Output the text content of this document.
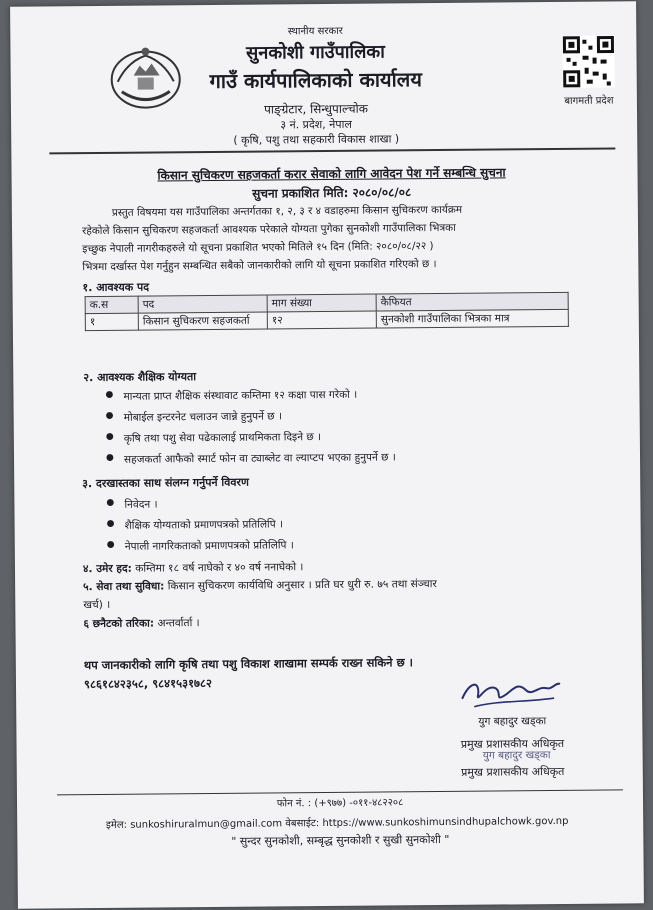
बागमती प्रदेश
स्थानीय सरकार
सुनकोशी गाउँपालिका
गाउँ कार्यपालिकाको कार्यालय
पाङ्ग्रेटार, सिन्धुपाल्चोक
३ नं. प्रदेश, नेपाल
( कृषि, पशु तथा सहकारी विकास शाखा )
किसान सुचिकरण सहजकर्ता करार सेवाको लागि आवेदन पेश गर्ने सम्बन्धि सुचना
सुचना प्रकाशित मिति: २०८०/०८/०८
प्रस्तुत विषयमा यस गाउँपालिका अन्तर्गतका १, २, ३ र ४ वडाहरुमा किसान सुचिकरण कार्यक्रम
रहेकोले किसान सुचिकरण सहजकर्ता आवश्यक परेकाले योग्यता पुगेका सुनकोशी गाउँपालिका भित्रका
इच्छुक नेपाली नागरीकहरुले यो सूचना प्रकाशित भएको मितिले १५ दिन (मिति: २०८०/०८/२२ )
भित्रमा दर्खास्त पेश गर्नुहुन सम्बन्धित सबैको जानकारीको लागि यो सूचना प्रकाशित गरिएको छ ।
१. आवश्यक पद
क.स	पद	माग संख्या	कैफियत
१	किसान सुचिकरण सहजकर्ता	१२	सुनकोशी गाउँपालिका भित्रका मात्र
२. आवश्यक शैक्षिक योग्यता
● मान्यता प्राप्त शैक्षिक संस्थावाट कम्तिमा १२ कक्षा पास गरेको ।
● मोबाईल इन्टरनेट चलाउन जान्ने हुनुपर्ने छ ।
● कृषि तथा पशु सेवा पढेकालाई प्राथमिकता दिइने छ ।
● सहजकर्ता आफैको स्मार्ट फोन वा ट्याब्लेट वा ल्याप्टप भएका हुनुपर्ने छ ।
३. दरखास्तका साथ संलग्न गर्नुपर्ने विवरण
● निवेदन ।
● शैक्षिक योग्यताको प्रमाणपत्रको प्रतिलिपि ।
● नेपाली नागरिकताको प्रमाणपत्रको प्रतिलिपि ।
४. उमेर हद: कम्तिमा १८ वर्ष नाघेको र ४० वर्ष ननाघेको ।
५. सेवा तथा सुविधा: किसान सुचिकरण कार्यविधि अनुसार । प्रति घर धुरी रु. ७५ तथा संञ्चार
खर्च) ।
६ छनैटको तरिका: अन्तर्वार्ता ।
थप जानकारीको लागि कृषि तथा पशु विकाश शाखामा सम्पर्क राख्न सकिने छ ।
९८६१८४२३५८, ९८४१५३१७८२
युग बहादुर खड्का
प्रमुख प्रशासकीय अधिकृत
युग बहादुर खड्का
प्रमुख प्रशासकीय अधिकृत
फोन नं. : (+९७७) -०११-४८२२०८
इमेल: sunkoshiruralmun@gmail.com वेबसाईट: https://www.sunkoshimunsindhupalchowk.gov.np
" सुन्दर सुनकोशी, सम्बृद्ध सुनकोशी र सुखी सुनकोशी "
